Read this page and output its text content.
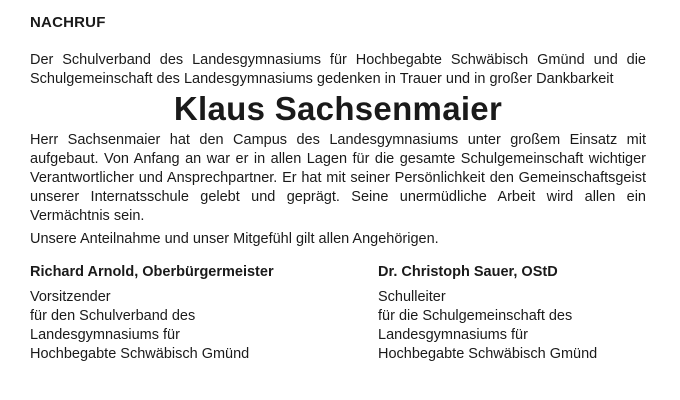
NACHRUF

Der Schulverband des Landesgymnasiums für Hochbegabte Schwäbisch Gmünd und die Schulgemeinschaft des Landesgymnasiums gedenken in Trauer und in großer Dankbarkeit

Klaus Sachsenmaier

Herr Sachsenmaier hat den Campus des Landesgymnasiums unter großem Einsatz mit aufgebaut. Von Anfang an war er in allen Lagen für die gesamte Schulgemeinschaft wichtiger Verantwortlicher und Ansprechpartner. Er hat mit seiner Persönlichkeit den Gemeinschaftsgeist unserer Internatsschule gelebt und geprägt. Seine unermüdliche Arbeit wird allen ein Vermächtnis sein.

Unsere Anteilnahme und unser Mitgefühl gilt allen Angehörigen.

Richard Arnold, Oberbürgermeister
Vorsitzender
für den Schulverband des
Landesgymnasiums für
Hochbegabte Schwäbisch Gmünd
Dr. Christoph Sauer, OStD
Schulleiter
für die Schulgemeinschaft des
Landesgymnasiums für
Hochbegabte Schwäbisch Gmünd
